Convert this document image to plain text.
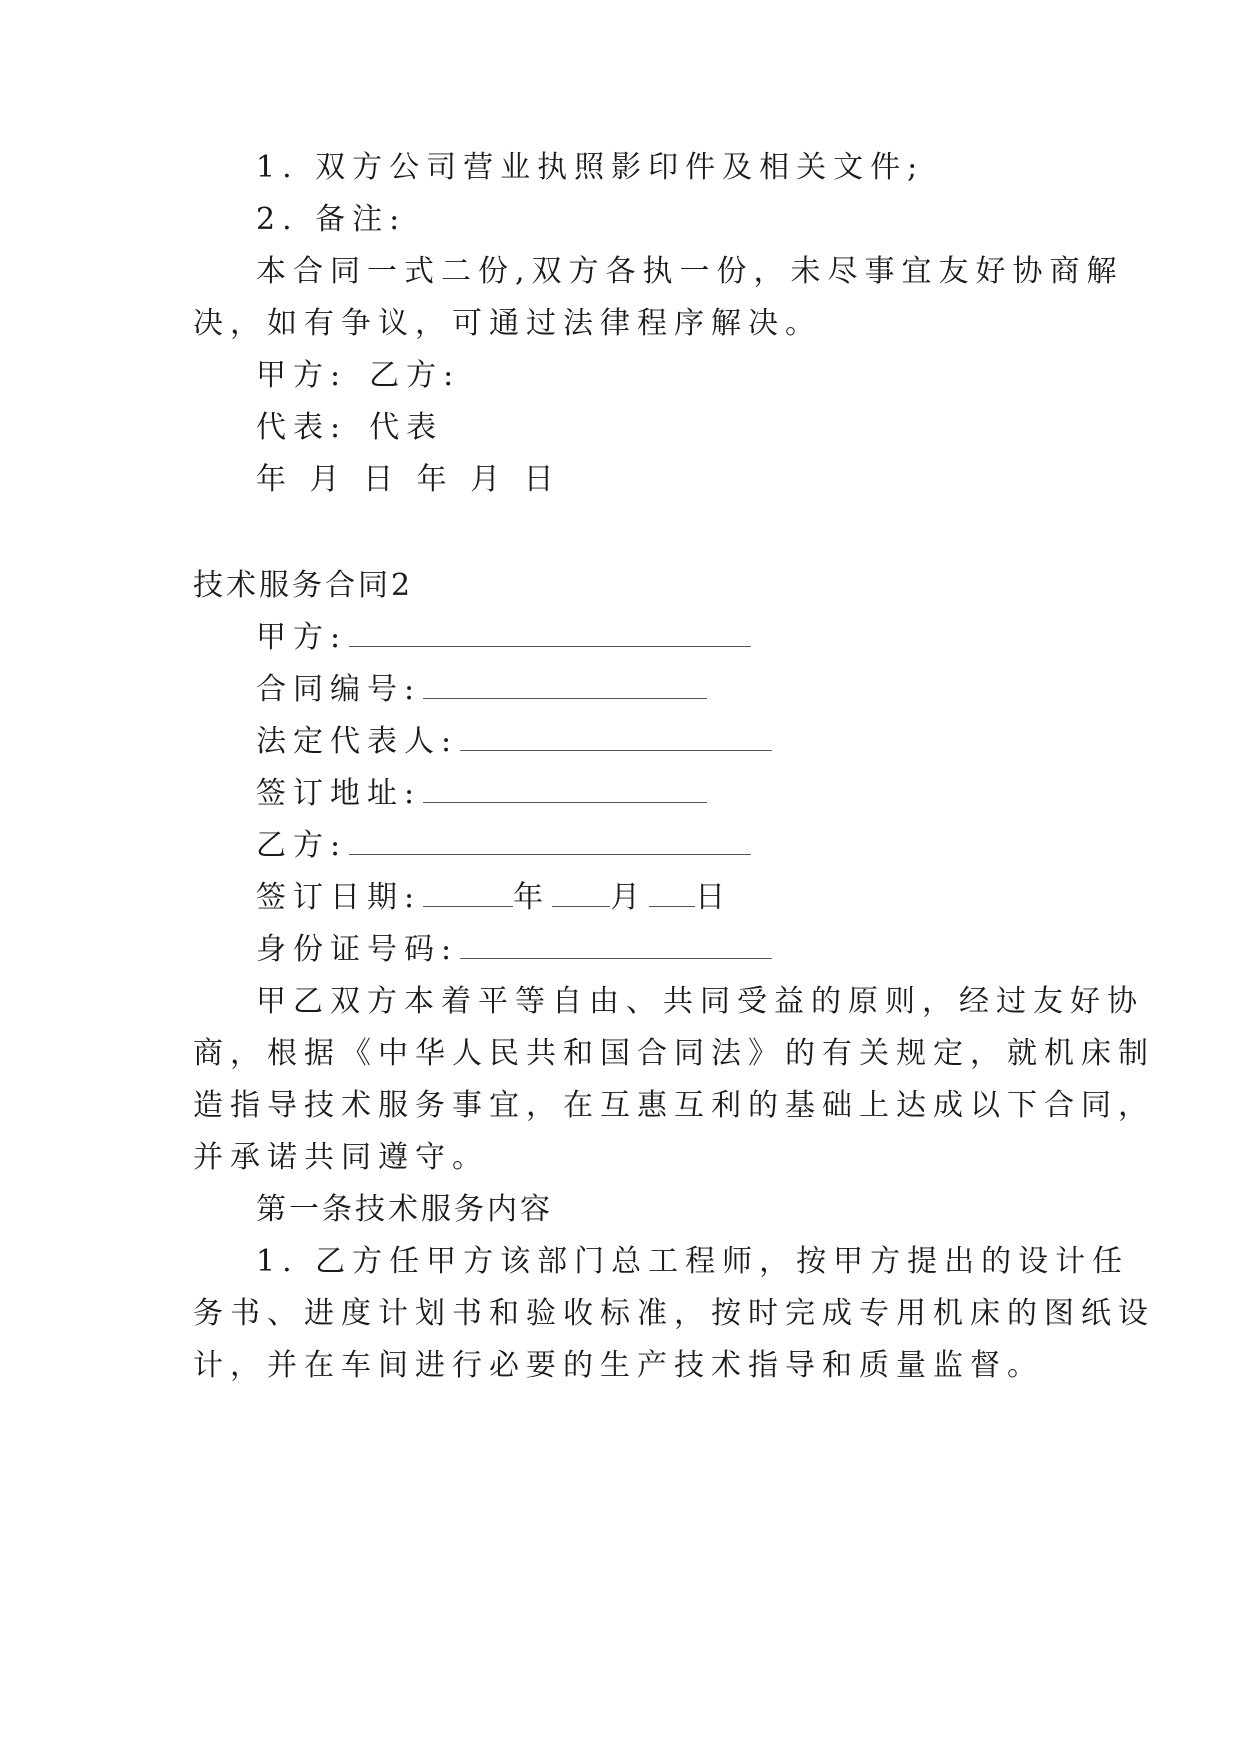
1. 双方公司营业执照影印件及相关文件;
2. 备注:
本合同一式二份,双方各执一份，未尽事宜友好协商解
决，如有争议，可通过法律程序解决。
甲方: 乙方:
代表: 代表
年 月 日 年 月 日
技术服务合同2
甲方:
合同编号:
法定代表人:
签订地址:
乙方:
签订日期:	年 月 日
身份证号码:
甲乙双方本着平等自由、共同受益的原则，经过友好协
商，根据《中华人民共和国合同法》的有关规定，就机床制
造指导技术服务事宜，在互惠互利的基础上达成以下合同，
并承诺共同遵守。
第一条技术服务内容
1. 乙方任甲方该部门总工程师，按甲方提出的设计任
务书、进度计划书和验收标准，按时完成专用机床的图纸设
计，并在车间进行必要的生产技术指导和质量监督。
